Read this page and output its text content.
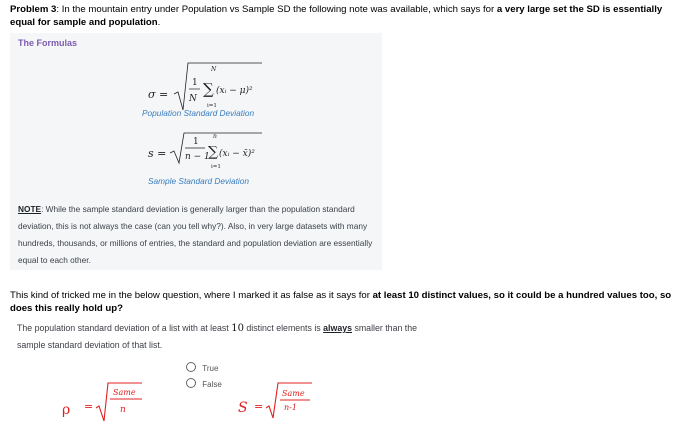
Problem 3: In the mountain entry under Population vs Sample SD the following note was available, which says for a very large set the SD is essentially equal for sample and population.
The Formulas
σ =
1
N
N
∑
i=1
(xᵢ − μ)²
Population Standard Deviation
s =
1
n − 1
n
∑
i=1
(xᵢ − x̄)²
Sample Standard Deviation
NOTE: While the sample standard deviation is generally larger than the population standard deviation, this is not always the case (can you tell why?). Also, in very large datasets with many hundreds, thousands, or millions of entries, the standard and population deviation are essentially equal to each other.
This kind of tricked me in the below question, where I marked it as false as it says for at least 10 distinct values, so it could be a hundred values too, so does this really hold up?
The population standard deviation of a list with at least 10 distinct elements is always smaller than the sample standard deviation of that list.
True
False
ρ =
Same
n	S =
Same
n-1
